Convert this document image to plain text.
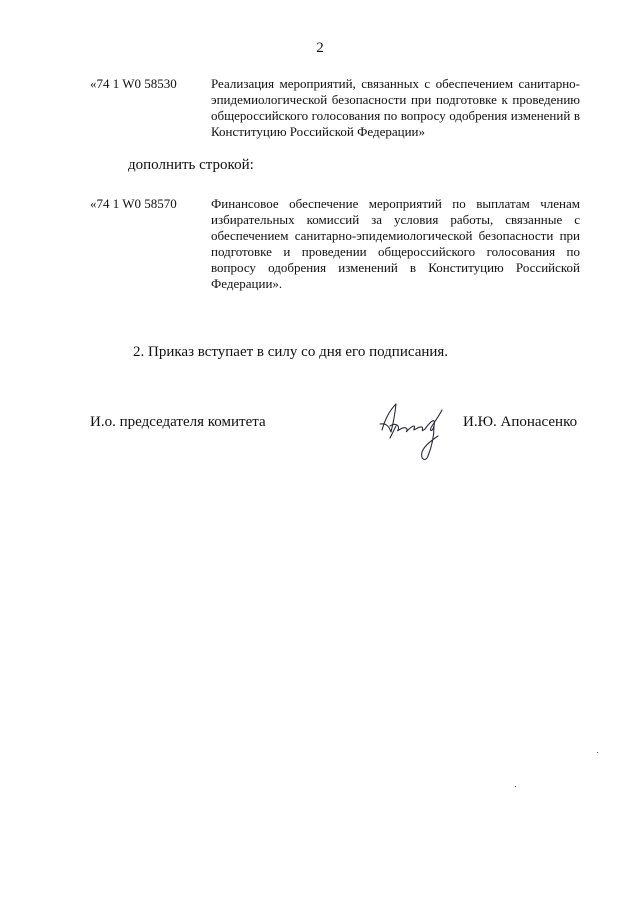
2
«74 1 W0 58530	Реализация мероприятий, связанных с обеспечением санитарно-
эпидемиологической безопасности при подготовке к проведению
общероссийского голосования по вопросу одобрения изменений в
Конституцию Российской Федерации»
дополнить строкой:
«74 1 W0 58570	Финансовое обеспечение мероприятий по выплатам членам
избирательных комиссий за условия работы, связанные с
обеспечением санитарно-эпидемиологической безопасности при
подготовке и проведении общероссийского голосования по
вопросу одобрения изменений в Конституцию Российской
Федерации».
2. Приказ вступает в силу со дня его подписания.
И.о. председателя комитета	И.Ю. Апонасенко
